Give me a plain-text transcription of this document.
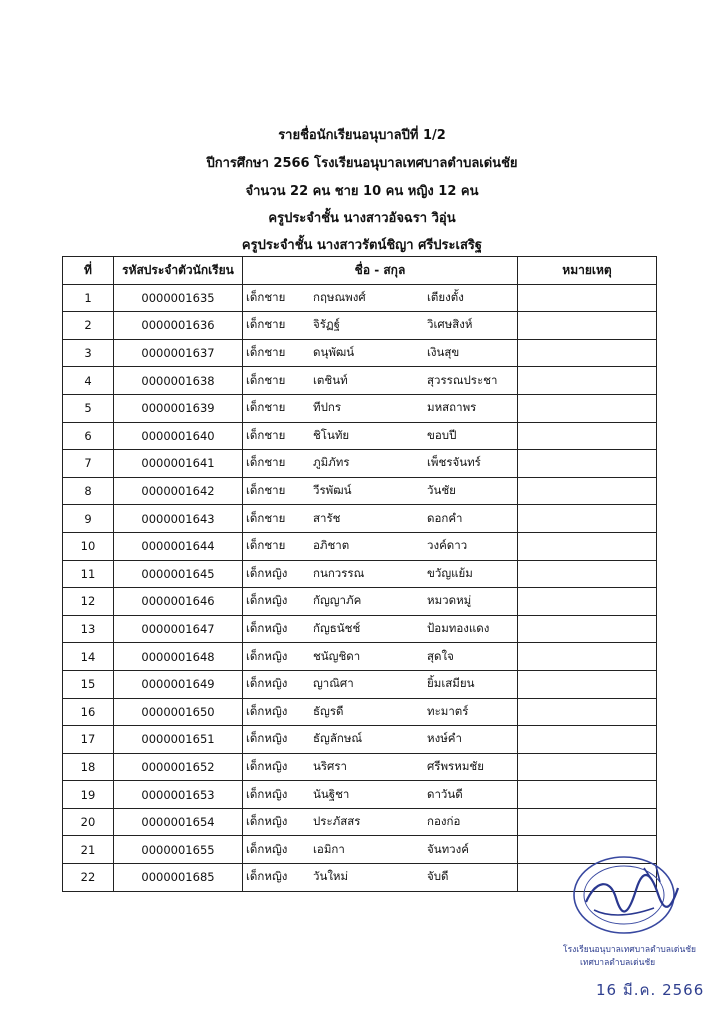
รายชื่อนักเรียนอนุบาลปีที่ 1/2
ปีการศึกษา 2566 โรงเรียนอนุบาลเทศบาลตำบลเด่นชัย
จำนวน 22 คน ชาย 10 คน หญิง 12 คน
ครูประจำชั้น นางสาวอัจฉรา วิอุ่น
ครูประจำชั้น นางสาวรัตน์ชิญา ศรีประเสริฐ
ที่	รหัสประจำตัวนักเรียน	ชื่อ - สกุล	หมายเหตุ
1	0000001635	เด็กชาย กฤษณพงศ์ เตียงตั้ง	

2	0000001636	เด็กชาย จิรัฏฐ์ วิเศษสิงห์	

3	0000001637	เด็กชาย ดนุพัฒน์ เงินสุข	

4	0000001638	เด็กชาย เตชินท์ สุวรรณประชา	

5	0000001639	เด็กชาย ทีปกร มหสถาพร	

6	0000001640	เด็กชาย ชิโนทัย ขอบปี	

7	0000001641	เด็กชาย ภูมิภัทร เพ็ชรจันทร์	

8	0000001642	เด็กชาย วีรพัฒน์ วันชัย	

9	0000001643	เด็กชาย สารัช ดอกคำ	

10	0000001644	เด็กชาย อภิชาต วงค์ดาว	

11	0000001645	เด็กหญิง กนกวรรณ ขวัญแย้ม	

12	0000001646	เด็กหญิง กัญญาภัค หมวดหมู่	

13	0000001647	เด็กหญิง กัญธนัชช์ ป้อมทองแดง	

14	0000001648	เด็กหญิง ชนัญชิดา สุดใจ	

15	0000001649	เด็กหญิง ญาณิศา ยิ้มเสมียน	

16	0000001650	เด็กหญิง ธัญรดี ทะมาตร์	

17	0000001651	เด็กหญิง ธัญลักษณ์ หงษ์คำ	

18	0000001652	เด็กหญิง นริศรา ศรีพรหมชัย	

19	0000001653	เด็กหญิง นันฐิชา ดาวันดี	

20	0000001654	เด็กหญิง ประภัสสร กองก่อ	

21	0000001655	เด็กหญิง เอมิกา จันทวงค์	

22	0000001685	เด็กหญิง วันใหม่ จับดี	

โรงเรียนอนุบาลเทศบาลตำบลเด่นชัย
เทศบาลตำบลเด่นชัย
16 มี.ค. 2566
